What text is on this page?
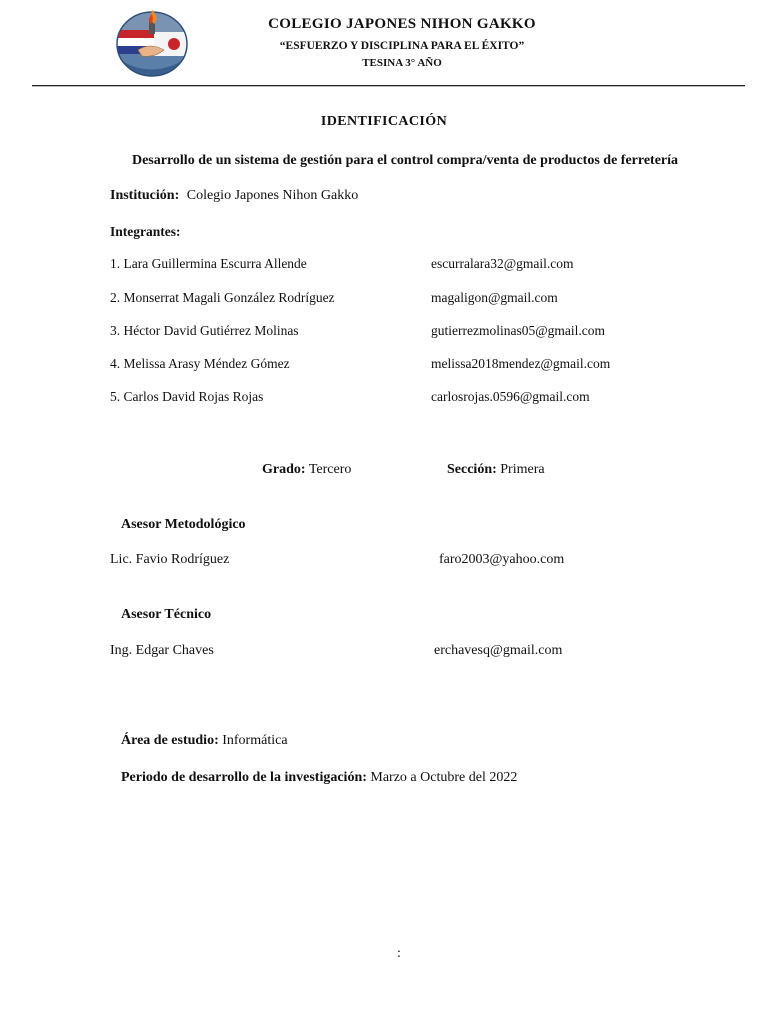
COLEGIO JAPONES NIHON GAKKO
“ESFUERZO Y DISCIPLINA PARA EL ÉXITO”
TESINA 3° AÑO
IDENTIFICACIÓN
Desarrollo de un sistema de gestión para el control compra/venta de productos de ferretería
Institución: Colegio Japones Nihon Gakko
Integrantes:
1. Lara Guillermina Escurra Allende	escurralara32@gmail.com
2. Monserrat Magali González Rodríguez	magaligon@gmail.com
3. Héctor David Gutiérrez Molinas	gutierrezmolinas05@gmail.com
4. Melissa Arasy Méndez Gómez	melissa2018mendez@gmail.com
5. Carlos David Rojas Rojas	carlosrojas.0596@gmail.com
Grado: Tercero	Sección: Primera
Asesor Metodológico
Lic. Favio Rodríguez	faro2003@yahoo.com
Asesor Técnico
Ing. Edgar Chaves	erchavesq@gmail.com
Área de estudio: Informática
Periodo de desarrollo de la investigación: Marzo a Octubre del 2022
:
